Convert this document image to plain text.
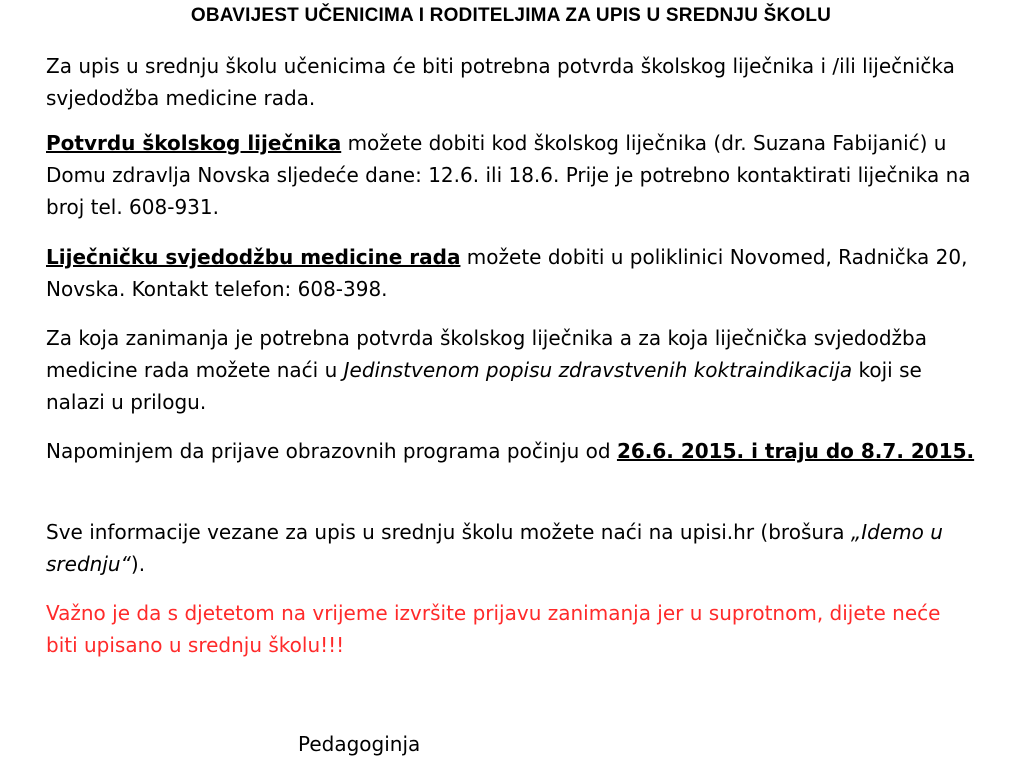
OBAVIJEST UČENICIMA I RODITELJIMA ZA UPIS U SREDNJU ŠKOLU

Za upis u srednju školu učenicima će biti potrebna potvrda školskog liječnika i /ili liječnička svjedodžba medicine rada.

Potvrdu školskog liječnika možete dobiti kod školskog liječnika (dr. Suzana Fabijanić) u Domu zdravlja Novska sljedeće dane: 12.6. ili 18.6. Prije je potrebno kontaktirati liječnika na broj tel. 608-931.

Liječničku svjedodžbu medicine rada možete dobiti u poliklinici Novomed, Radnička 20, Novska. Kontakt telefon: 608-398.

Za koja zanimanja je potrebna potvrda školskog liječnika a za koja liječnička svjedodžba medicine rada možete naći u Jedinstvenom popisu zdravstvenih koktraindikacija koji se nalazi u prilogu.

Napominjem da prijave obrazovnih programa počinju od 26.6. 2015. i traju do 8.7. 2015.

Sve informacije vezane za upis u srednju školu možete naći na upisi.hr (brošura „Idemo u srednju“).

Važno je da s djetetom na vrijeme izvršite prijavu zanimanja jer u suprotnom, dijete neće biti upisano u srednju školu!!!

Pedagoginja
